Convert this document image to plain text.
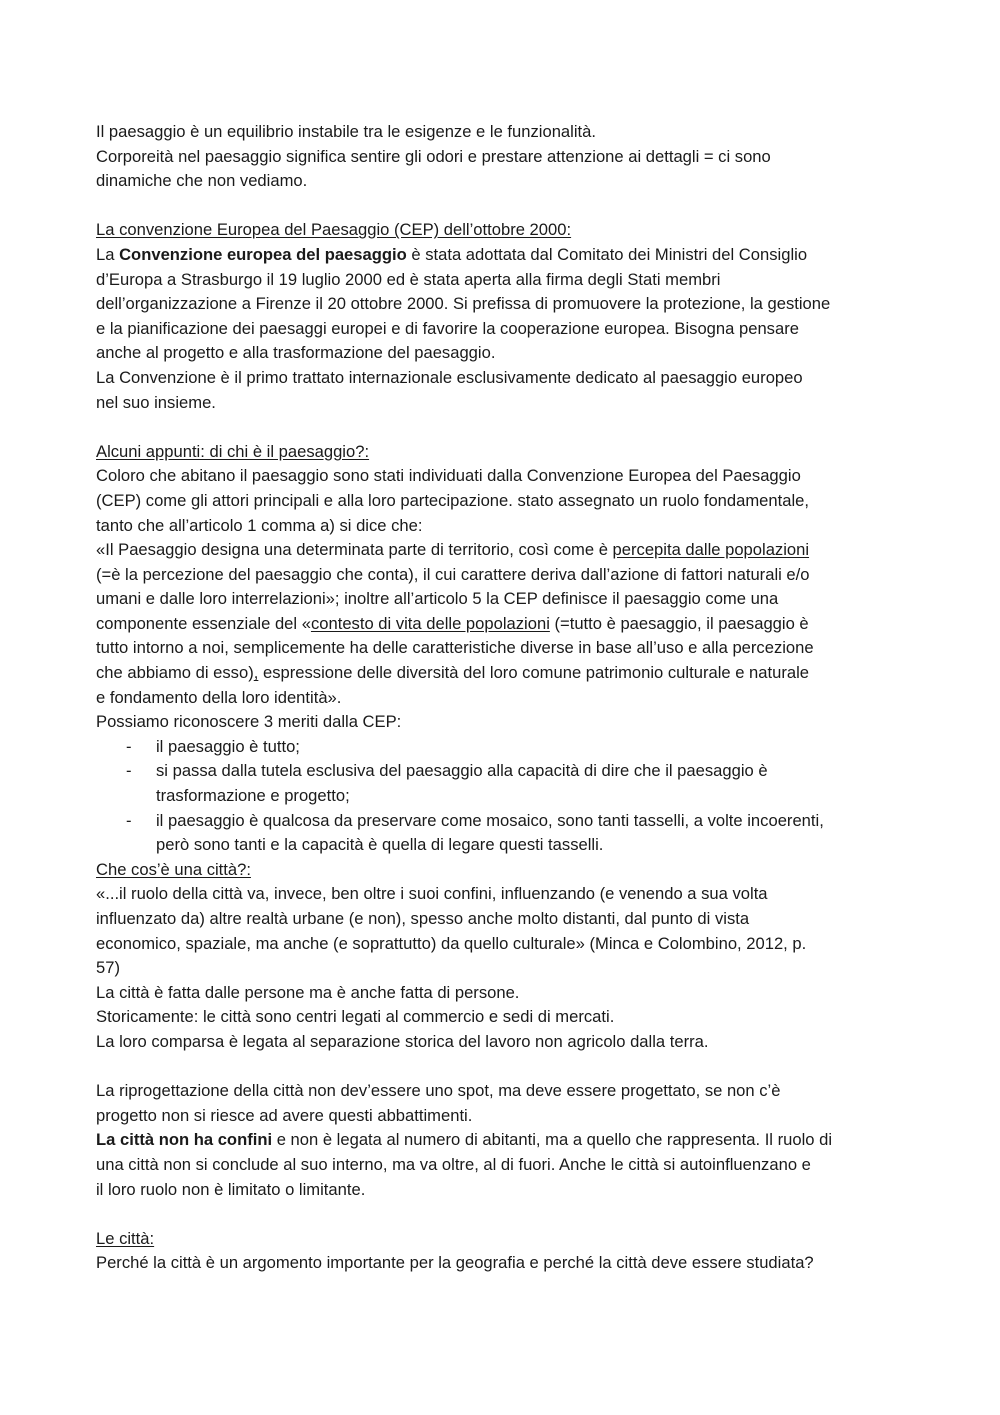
Il paesaggio è un equilibrio instabile tra le esigenze e le funzionalità.
Corporeità nel paesaggio significa sentire gli odori e prestare attenzione ai dettagli = ci sono
dinamiche che non vediamo.
La convenzione Europea del Paesaggio (CEP) dell’ottobre 2000:
La Convenzione europea del paesaggio è stata adottata dal Comitato dei Ministri del Consiglio
d’Europa a Strasburgo il 19 luglio 2000 ed è stata aperta alla firma degli Stati membri
dell’organizzazione a Firenze il 20 ottobre 2000. Si prefissa di promuovere la protezione, la gestione
e la pianificazione dei paesaggi europei e di favorire la cooperazione europea. Bisogna pensare
anche al progetto e alla trasformazione del paesaggio.
La Convenzione è il primo trattato internazionale esclusivamente dedicato al paesaggio europeo
nel suo insieme.
Alcuni appunti: di chi è il paesaggio?:
Coloro che abitano il paesaggio sono stati individuati dalla Convenzione Europea del Paesaggio
(CEP) come gli attori principali e alla loro partecipazione. stato assegnato un ruolo fondamentale,
tanto che all’articolo 1 comma a) si dice che:
«Il Paesaggio designa una determinata parte di territorio, così come è percepita dalle popolazioni
(=è la percezione del paesaggio che conta), il cui carattere deriva dall’azione di fattori naturali e/o
umani e dalle loro interrelazioni»; inoltre all’articolo 5 la CEP definisce il paesaggio come una
componente essenziale del «contesto di vita delle popolazioni (=tutto è paesaggio, il paesaggio è
tutto intorno a noi, semplicemente ha delle caratteristiche diverse in base all’uso e alla percezione
che abbiamo di esso), espressione delle diversità del loro comune patrimonio culturale e naturale
e fondamento della loro identità».
Possiamo riconoscere 3 meriti dalla CEP:
- il paesaggio è tutto;
- si passa dalla tutela esclusiva del paesaggio alla capacità di dire che il paesaggio è
trasformazione e progetto;
- il paesaggio è qualcosa da preservare come mosaico, sono tanti tasselli, a volte incoerenti,
però sono tanti e la capacità è quella di legare questi tasselli.
Che cos’è una città?:
«...il ruolo della città va, invece, ben oltre i suoi confini, influenzando (e venendo a sua volta
influenzato da) altre realtà urbane (e non), spesso anche molto distanti, dal punto di vista
economico, spaziale, ma anche (e soprattutto) da quello culturale» (Minca e Colombino, 2012, p.
57)
La città è fatta dalle persone ma è anche fatta di persone.
Storicamente: le città sono centri legati al commercio e sedi di mercati.
La loro comparsa è legata al separazione storica del lavoro non agricolo dalla terra.
La riprogettazione della città non dev’essere uno spot, ma deve essere progettato, se non c’è
progetto non si riesce ad avere questi abbattimenti.
La città non ha confini e non è legata al numero di abitanti, ma a quello che rappresenta. Il ruolo di
una città non si conclude al suo interno, ma va oltre, al di fuori. Anche le città si autoinfluenzano e
il loro ruolo non è limitato o limitante.
Le città:
Perché la città è un argomento importante per la geografia e perché la città deve essere studiata?
